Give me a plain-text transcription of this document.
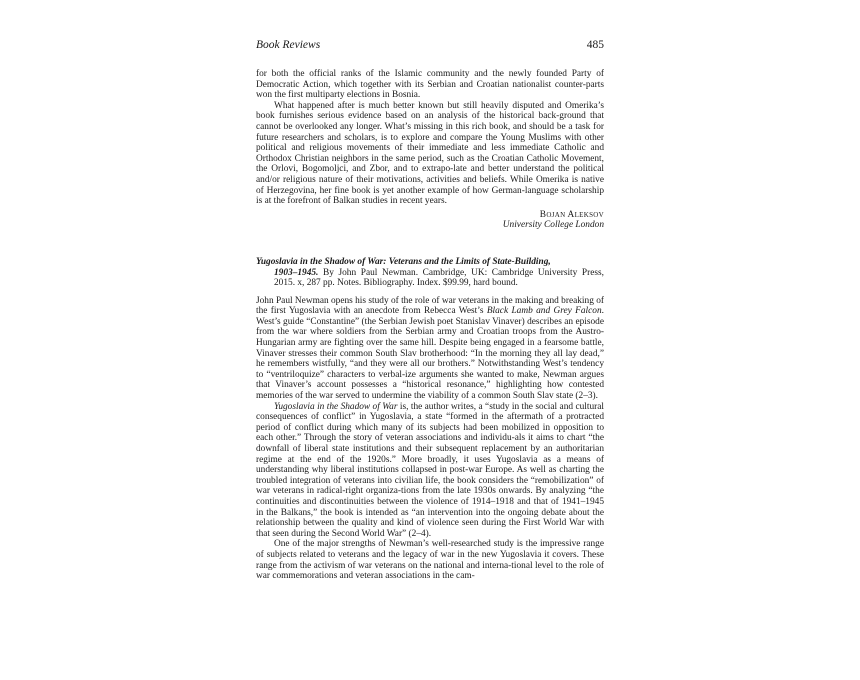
Book Reviews	485

for both the official ranks of the Islamic community and the newly founded Party of Democratic Action, which together with its Serbian and Croatian nationalist counter-parts won the first multiparty elections in Bosnia.

What happened after is much better known but still heavily disputed and Omerika’s book furnishes serious evidence based on an analysis of the historical back-ground that cannot be overlooked any longer. What’s missing in this rich book, and should be a task for future researchers and scholars, is to explore and compare the Young Muslims with other political and religious movements of their immediate and less immediate Catholic and Orthodox Christian neighbors in the same period, such as the Croatian Catholic Movement, the Orlovi, Bogomoljci, and Zbor, and to extrapo-late and better understand the political and/or religious nature of their motivations, activities and beliefs. While Omerika is native of Herzegovina, her fine book is yet another example of how German-language scholarship is at the forefront of Balkan studies in recent years.

Bojan Aleksov

University College London

Yugoslavia in the Shadow of War: Veterans and the Limits of State-Building,

1903–1945. By John Paul Newman. Cambridge, UK: Cambridge University Press, 2015. x, 287 pp. Notes. Bibliography. Index. $99.99, hard bound.

John Paul Newman opens his study of the role of war veterans in the making and breaking of the first Yugoslavia with an anecdote from Rebecca West’s Black Lamb and Grey Falcon. West’s guide “Constantine” (the Serbian Jewish poet Stanislav Vinaver) describes an episode from the war where soldiers from the Serbian army and Croatian troops from the Austro-Hungarian army are fighting over the same hill. Despite being engaged in a fearsome battle, Vinaver stresses their common South Slav brotherhood: “In the morning they all lay dead,” he remembers wistfully, “and they were all our brothers.” Notwithstanding West’s tendency to “ventriloquize” characters to verbal-ize arguments she wanted to make, Newman argues that Vinaver’s account possesses a “historical resonance,” highlighting how contested memories of the war served to undermine the viability of a common South Slav state (2–3).

Yugoslavia in the Shadow of War is, the author writes, a “study in the social and cultural consequences of conflict” in Yugoslavia, a state “formed in the aftermath of a protracted period of conflict during which many of its subjects had been mobilized in opposition to each other.” Through the story of veteran associations and individu-als it aims to chart “the downfall of liberal state institutions and their subsequent replacement by an authoritarian regime at the end of the 1920s.” More broadly, it uses Yugoslavia as a means of understanding why liberal institutions collapsed in post-war Europe. As well as charting the troubled integration of veterans into civilian life, the book considers the “remobilization” of war veterans in radical-right organiza-tions from the late 1930s onwards. By analyzing “the continuities and discontinuities between the violence of 1914–1918 and that of 1941–1945 in the Balkans,” the book is intended as “an intervention into the ongoing debate about the relationship between the quality and kind of violence seen during the First World War with that seen during the Second World War” (2–4).

One of the major strengths of Newman’s well-researched study is the impressive range of subjects related to veterans and the legacy of war in the new Yugoslavia it covers. These range from the activism of war veterans on the national and interna-tional level to the role of war commemorations and veteran associations in the cam-
